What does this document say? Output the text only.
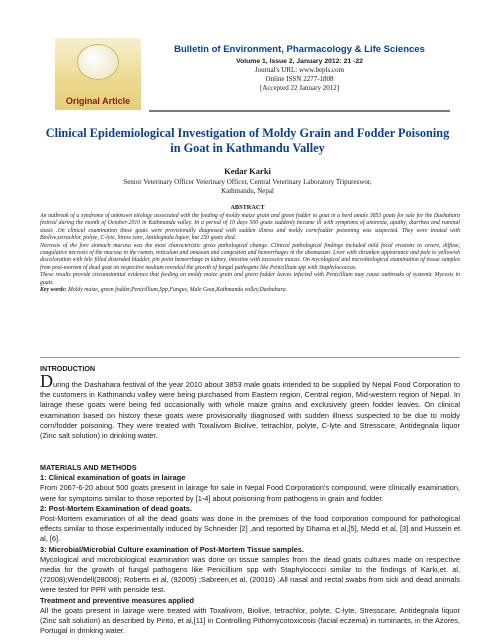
Original Article
Bulletin of Environment, Pharmacology & Life Sciences
Volume 1, Issue 2, January 2012: 21 -22
Journal's URL: www.bepls.com
Online ISSN 2277-1808
[Accepted 22 January 2012]
Clinical Epidemiological Investigation of Moldy Grain and Fodder Poisoning in Goat in Kathmandu Valley
Kedar Karki
Senior Veterinary Officer Veterinary Officer, Central Veterinary Laboratory Tripureswor,
Kathmandu, Nepal
ABSTRACT

An outbreak of a syndrome of unknown etiology associated with the feeding of moldy maize grain and green fodder to goat in a herd amale 3853 goats for sale for the Dashahara festival during the month of October-2010 in Kathmandu valley. In a period of 10 days 500 goats suddenly became ill with symptoms of anorexia, apathy, diarrhea and ruminal stasis .On clinical examination these goats were provisionally diagnosed with sudden illness and moldy corn/fodder poisoning was suspected. They were treated with Biolive,tetrachlor, polyte, C-lyte, Stress care, Antidegnala liquor, but 250 goats died.

Necrosis of the fore stomach mucosa was the most characteristic gross pathological change. Clinical pathological findings included mild focal erosions to severe, diffuse, coagulative necrosis of the mucosa in the rumen, reticulum and omasum and congestion and hemorrhages in the abomasum. Liver with shrunken appearance and pale to yellowish discoloration with bile filled distended bladder, pin point hemorrhage in kidney, intestine with excessive mucus. On mycological and microbiological examination of tissue samples from post-mortem of dead goat on respective medium revealed the growth of fungal pathogens like Penicillium spp with Staphylococcus.

These results provide circumstantial evidence that feeding on moldy maize grain and green fodder leaves infected with Penicillium may cause outbreaks of systemic Mycosis in goats.

Key words: Moldy maize, green fodder,Penicillium,Spp,Fungus, Male Goat,Kathmandu valley,Dashahara.

INTRODUCTION

During the Dashahara festival of the year 2010 about 3853 male goats intended to be supplied by Nepal Food Corporation to the customers in Kathmandu valley were being purchased from Eastern region, Central region, Mid-western region of Nepal. In lairage these goats were being fed occasionally with whole maize grains and exclusively green fodder leaves. On clinical examination based on history these goats were provisionally diagnosed with sudden illness suspected to be due to moldy corn/fodder poisoning. They were treated with Toxalivom Biolive, tetrachlor, polyte, C-lyte and Stresscare, Antidegnala liquor (Zinc salt solution) in drinking water.

MATERIALS AND METHODS

1: Clinical examination of goats in lairage

From 2067-6-20 about 500 goats present in lairage for sale in Nepal Food Corporation's compound, were clinically examination, were for symptoms similar to those reported by [1-4] about poisoning from pathogens in grain and fodder.

2: Post-Mortem Examination of dead goats.

Post-Mortem examination of all the dead goats was done in the premises of the food corporation compound for pathological effects similar to those experimentally induced by Schneider [2] ,and reported by Dhama et al,[5], Medd et al, [3] and Hussein et al, [6].

3: Microbial/Microbial Culture examination of Post-Mortem Tissue samples.

Mycological and microbiological examination was done on tissue samples from the dead goats cultures made on respective media for the growth of fungal pathogens like Penicillium spp with Staphylococci similar to the findings of Karki,et. al,(72008);Wendell(28008); Roberts et al, (92005) ;Sabreen,et al, (20010) .All nasal and rectal swabs from sick and dead animals were tested for PPR with penside test.

Treatment and preventive measures applied

All the goats present in lairage were treated with Toxalivom, Biolive, tetrachlor, polyte, C-lyte, Stresscare, Antidegnala liquor (Zinc salt solution) as described by Pinto, et al,[11] in Controlling Pithomycotoxicosis (facial eczema) in ruminants, in the Azores, Portugal in drinking water.
